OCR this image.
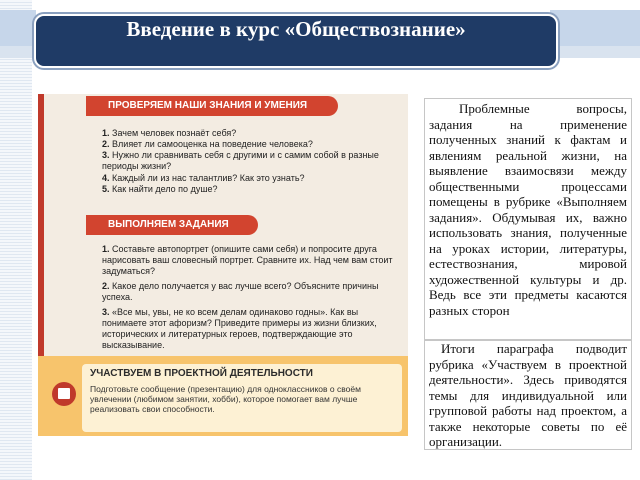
Введение в курс «Обществознание»
ПРОВЕРЯЕМ НАШИ ЗНАНИЯ И УМЕНИЯ
1. Зачем человек познаёт себя?
2. Влияет ли самооценка на поведение человека?
3. Нужно ли сравнивать себя с другими и с самим собой в разные периоды жизни?
4. Каждый ли из нас талантлив? Как это узнать?
5. Как найти дело по душе?
ВЫПОЛНЯЕМ ЗАДАНИЯ
1. Составьте автопортрет (опишите сами себя) и попросите друга нарисовать ваш словесный портрет. Сравните их. Над чем вам стоит задуматься?
2. Какое дело получается у вас лучше всего? Объясните причины успеха.
3. «Все мы, увы, не ко всем делам одинаково годны». Как вы понимаете этот афоризм? Приведите примеры из жизни близких, исторических и литературных героев, подтверждающие это высказывание.
УЧАСТВУЕМ В ПРОЕКТНОЙ ДЕЯТЕЛЬНОСТИ
Подготовьте сообщение (презентацию) для одноклассников о своём увлечении (любимом занятии, хобби), которое помогает вам лучше реализовать свои способности.
Проблемные вопросы, задания на применение полученных знаний к фактам и явлениям реальной жизни, на выявление взаимосвязи между общественными процессами помещены в рубрике «Выполняем задания». Обдумывая их, важно использовать знания, полученные на уроках истории, литературы, естествознания, мировой художественной культуры и др. Ведь все эти предметы касаются разных сторон
Итоги параграфа подводит рубрика «Участвуем в проектной деятельности». Здесь приводятся темы для индивидуальной или групповой работы над проектом, а также некоторые советы по её организации.
